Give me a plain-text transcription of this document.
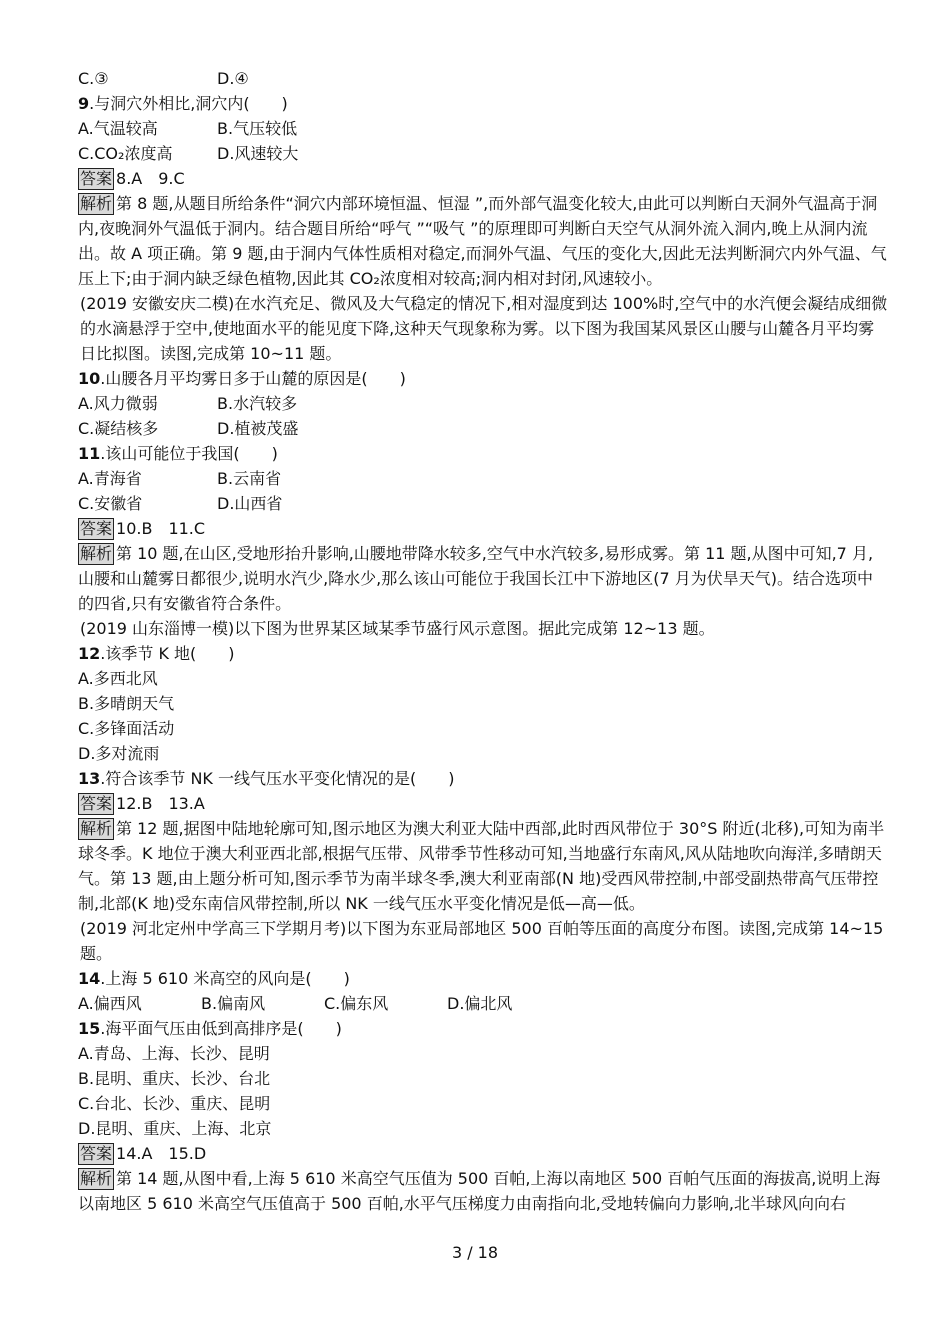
C.③	D.④
9.与洞穴外相比,洞穴内(　　)
A.气温较高	B.气压较低
C.CO₂浓度高	D.风速较大
答案 8.A　9.C
解析 第 8 题,从题目所给条件“洞穴内部环境恒温、恒湿 ”,而外部气温变化较大,由此可以判断白天洞外气温高于洞内,夜晚洞外气温低于洞内。结合题目所给“呼气 ”“吸气 ”的原理即可判断白天空气从洞外流入洞内,晚上从洞内流出。故 A 项正确。第 9 题,由于洞内气体性质相对稳定,而洞外气温、气压的变化大,因此无法判断洞穴内外气温、气压上下;由于洞内缺乏绿色植物,因此其 CO₂浓度相对较高;洞内相对封闭,风速较小。
(2019 安徽安庆二模)在水汽充足、微风及大气稳定的情况下,相对湿度到达 100%时,空气中的水汽便会凝结成细微的水滴悬浮于空中,使地面水平的能见度下降,这种天气现象称为雾。以下图为我国某风景区山腰与山麓各月平均雾日比拟图。读图,完成第 10~11 题。
10.山腰各月平均雾日多于山麓的原因是(　　)
A.风力微弱	B.水汽较多
C.凝结核多	D.植被茂盛
11.该山可能位于我国(　　)
A.青海省	B.云南省
C.安徽省	D.山西省
答案 10.B　11.C
解析 第 10 题,在山区,受地形抬升影响,山腰地带降水较多,空气中水汽较多,易形成雾。第 11 题,从图中可知,7 月,山腰和山麓雾日都很少,说明水汽少,降水少,那么该山可能位于我国长江中下游地区(7 月为伏旱天气)。结合选项中的四省,只有安徽省符合条件。
(2019 山东淄博一模)以下图为世界某区域某季节盛行风示意图。据此完成第 12~13 题。
12.该季节 K 地(　　)
A.多西北风
B.多晴朗天气
C.多锋面活动
D.多对流雨
13.符合该季节 NK 一线气压水平变化情况的是(　　)
答案 12.B　13.A
解析 第 12 题,据图中陆地轮廓可知,图示地区为澳大利亚大陆中西部,此时西风带位于 30°S 附近(北移),可知为南半球冬季。K 地位于澳大利亚西北部,根据气压带、风带季节性移动可知,当地盛行东南风,风从陆地吹向海洋,多晴朗天气。第 13 题,由上题分析可知,图示季节为南半球冬季,澳大利亚南部(N 地)受西风带控制,中部受副热带高气压带控制,北部(K 地)受东南信风带控制,所以 NK 一线气压水平变化情况是低—高—低。
(2019 河北定州中学高三下学期月考)以下图为东亚局部地区 500 百帕等压面的高度分布图。读图,完成第 14~15 题。
14.上海 5 610 米高空的风向是(　　)
A.偏西风	B.偏南风	C.偏东风	D.偏北风
15.海平面气压由低到高排序是(　　)
A.青岛、上海、长沙、昆明
B.昆明、重庆、长沙、台北
C.台北、长沙、重庆、昆明
D.昆明、重庆、上海、北京
答案 14.A　15.D
解析 第 14 题,从图中看,上海 5 610 米高空气压值为 500 百帕,上海以南地区 500 百帕气压面的海拔高,说明上海以南地区 5 610 米高空气压值高于 500 百帕,水平气压梯度力由南指向北,受地转偏向力影响,北半球风向向右
3 / 18
